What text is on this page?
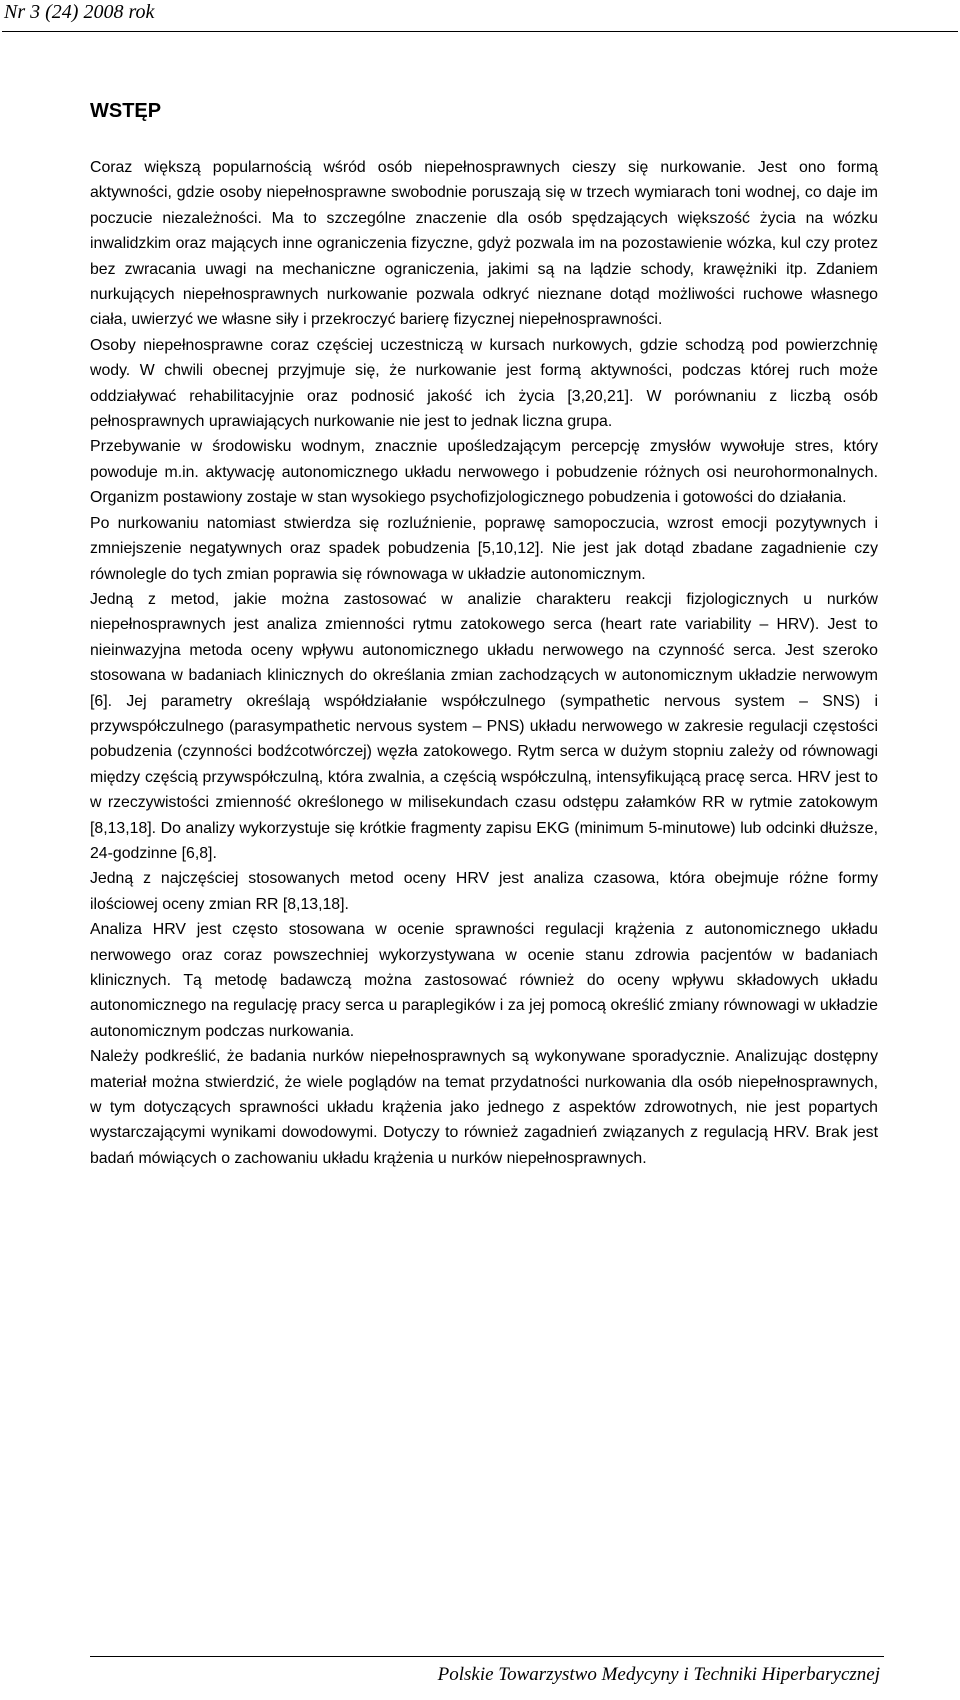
Nr 3 (24) 2008 rok
WSTĘP

Coraz większą popularnością wśród osób niepełnosprawnych cieszy się nurkowanie. Jest ono formą aktywności, gdzie osoby niepełnosprawne swobodnie poruszają się w trzech wymiarach toni wodnej, co daje im poczucie niezależności. Ma to szczególne znaczenie dla osób spędzających większość życia na wózku inwalidzkim oraz mających inne ograniczenia fizyczne, gdyż pozwala im na pozostawienie wózka, kul czy protez bez zwracania uwagi na mechaniczne ograniczenia, jakimi są na lądzie schody, krawężniki itp. Zdaniem nurkujących niepełnosprawnych nurkowanie pozwala odkryć nieznane dotąd możliwości ruchowe własnego ciała, uwierzyć we własne siły i przekroczyć barierę fizycznej niepełnosprawności.

Osoby niepełnosprawne coraz częściej uczestniczą w kursach nurkowych, gdzie schodzą pod powierzchnię wody. W chwili obecnej przyjmuje się, że nurkowanie jest formą aktywności, podczas której ruch może oddziaływać rehabilitacyjnie oraz podnosić jakość ich życia [3,20,21]. W porównaniu z liczbą osób pełnosprawnych uprawiających nurkowanie nie jest to jednak liczna grupa.

Przebywanie w środowisku wodnym, znacznie upośledzającym percepcję zmysłów wywołuje stres, który powoduje m.in. aktywację autonomicznego układu nerwowego i pobudzenie różnych osi neurohormonalnych. Organizm postawiony zostaje w stan wysokiego psychofizjologicznego pobudzenia i gotowości do działania.

Po nurkowaniu natomiast stwierdza się rozluźnienie, poprawę samopoczucia, wzrost emocji pozytywnych i zmniejszenie negatywnych oraz spadek pobudzenia [5,10,12]. Nie jest jak dotąd zbadane zagadnienie czy równolegle do tych zmian poprawia się równowaga w układzie autonomicznym.

Jedną z metod, jakie można zastosować w analizie charakteru reakcji fizjologicznych u nurków niepełnosprawnych jest analiza zmienności rytmu zatokowego serca (heart rate variability – HRV). Jest to nieinwazyjna metoda oceny wpływu autonomicznego układu nerwowego na czynność serca. Jest szeroko stosowana w badaniach klinicznych do określania zmian zachodzących w autonomicznym układzie nerwowym [6]. Jej parametry określają współdziałanie współczulnego (sympathetic nervous system – SNS) i przywspółczulnego (parasympathetic nervous system – PNS) układu nerwowego w zakresie regulacji częstości pobudzenia (czynności bodźcotwórczej) węzła zatokowego. Rytm serca w dużym stopniu zależy od równowagi między częścią przywspółczulną, która zwalnia, a częścią współczulną, intensyfikującą pracę serca. HRV jest to w rzeczywistości zmienność określonego w milisekundach czasu odstępu załamków RR w rytmie zatokowym [8,13,18]. Do analizy wykorzystuje się krótkie fragmenty zapisu EKG (minimum 5-minutowe) lub odcinki dłuższe, 24-godzinne [6,8].

Jedną z najczęściej stosowanych metod oceny HRV jest analiza czasowa, która obejmuje różne formy ilościowej oceny zmian RR [8,13,18].

Analiza HRV jest często stosowana w ocenie sprawności regulacji krążenia z autonomicznego układu nerwowego oraz coraz powszechniej wykorzystywana w ocenie stanu zdrowia pacjentów w badaniach klinicznych. Tą metodę badawczą można zastosować również do oceny wpływu składowych układu autonomicznego na regulację pracy serca u paraplegików i za jej pomocą określić zmiany równowagi w układzie autonomicznym podczas nurkowania.

Należy podkreślić, że badania nurków niepełnosprawnych są wykonywane sporadycznie. Analizując dostępny materiał można stwierdzić, że wiele poglądów na temat przydatności nurkowania dla osób niepełnosprawnych, w tym dotyczących sprawności układu krążenia jako jednego z aspektów zdrowotnych, nie jest popartych wystarczającymi wynikami dowodowymi. Dotyczy to również zagadnień związanych z regulacją HRV. Brak jest badań mówiących o zachowaniu układu krążenia u nurków niepełnosprawnych.

Polskie Towarzystwo Medycyny i Techniki Hiperbarycznej
